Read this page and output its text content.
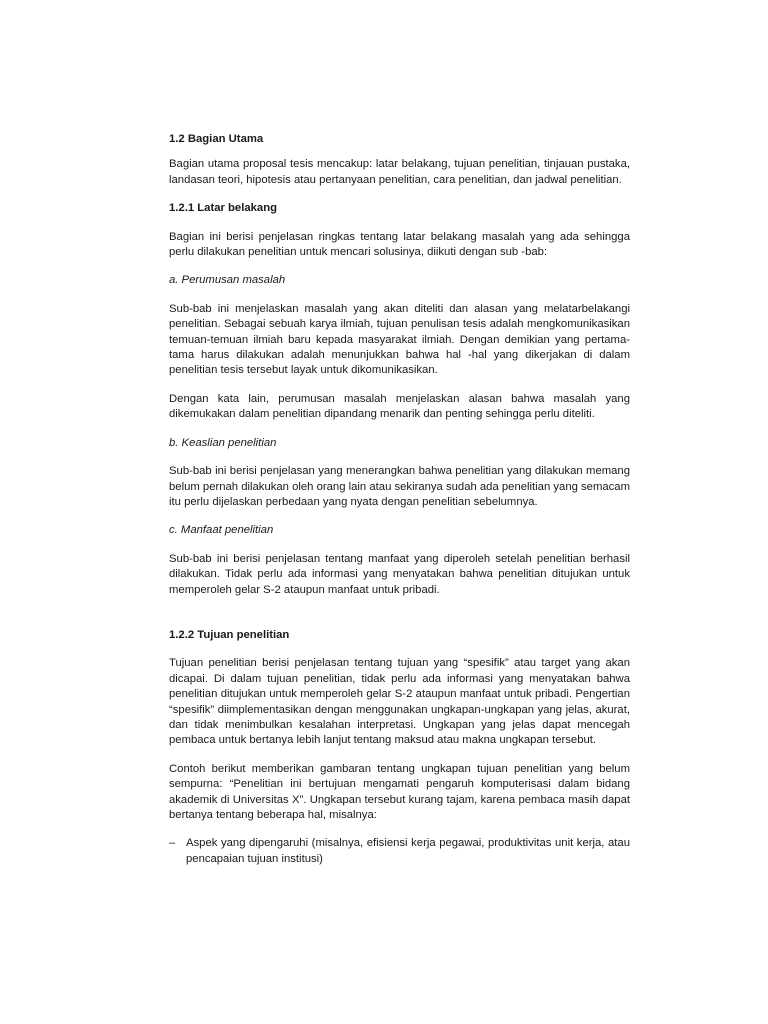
1.2 Bagian Utama

Bagian utama proposal tesis mencakup: latar belakang, tujuan penelitian, tinjauan pustaka, landasan teori, hipotesis atau pertanyaan penelitian, cara penelitian, dan jadwal penelitian.

1.2.1 Latar belakang

Bagian ini berisi penjelasan ringkas tentang latar belakang masalah yang ada sehingga perlu dilakukan penelitian untuk mencari solusinya, diikuti dengan sub -bab:

a. Perumusan masalah

Sub-bab ini menjelaskan masalah yang akan diteliti dan alasan yang melatarbelakangi penelitian. Sebagai sebuah karya ilmiah, tujuan penulisan tesis adalah mengkomunikasikan temuan-temuan ilmiah baru kepada masyarakat ilmiah. Dengan demikian yang pertama-tama harus dilakukan adalah menunjukkan bahwa hal -hal yang dikerjakan di dalam penelitian tesis tersebut layak untuk dikomunikasikan.

Dengan kata lain, perumusan masalah menjelaskan alasan bahwa masalah yang dikemukakan dalam penelitian dipandang menarik dan penting sehingga perlu diteliti.

b. Keaslian penelitian

Sub-bab ini berisi penjelasan yang menerangkan bahwa penelitian yang dilakukan memang belum pernah dilakukan oleh orang lain atau sekiranya sudah ada penelitian yang semacam itu perlu dijelaskan perbedaan yang nyata dengan penelitian sebelumnya.

c. Manfaat penelitian

Sub-bab ini berisi penjelasan tentang manfaat yang diperoleh setelah penelitian berhasil dilakukan. Tidak perlu ada informasi yang menyatakan bahwa penelitian ditujukan untuk memperoleh gelar S-2 ataupun manfaat untuk pribadi.

1.2.2 Tujuan penelitian

Tujuan penelitian berisi penjelasan tentang tujuan yang “spesifik” atau target yang akan dicapai. Di dalam tujuan penelitian, tidak perlu ada informasi yang menyatakan bahwa penelitian ditujukan untuk memperoleh gelar S-2 ataupun manfaat untuk pribadi. Pengertian “spesifik” diimplementasikan dengan menggunakan ungkapan-ungkapan yang jelas, akurat, dan tidak menimbulkan kesalahan interpretasi. Ungkapan yang jelas dapat mencegah pembaca untuk bertanya lebih lanjut tentang maksud atau makna ungkapan tersebut.

Contoh berikut memberikan gambaran tentang ungkapan tujuan penelitian yang belum sempurna: “Penelitian ini bertujuan mengamati pengaruh komputerisasi dalam bidang akademik di Universitas X”. Ungkapan tersebut kurang tajam, karena pembaca masih dapat bertanya tentang beberapa hal, misalnya:

– Aspek yang dipengaruhi (misalnya, efisiensi kerja pegawai, produktivitas unit kerja, atau pencapaian tujuan institusi)
